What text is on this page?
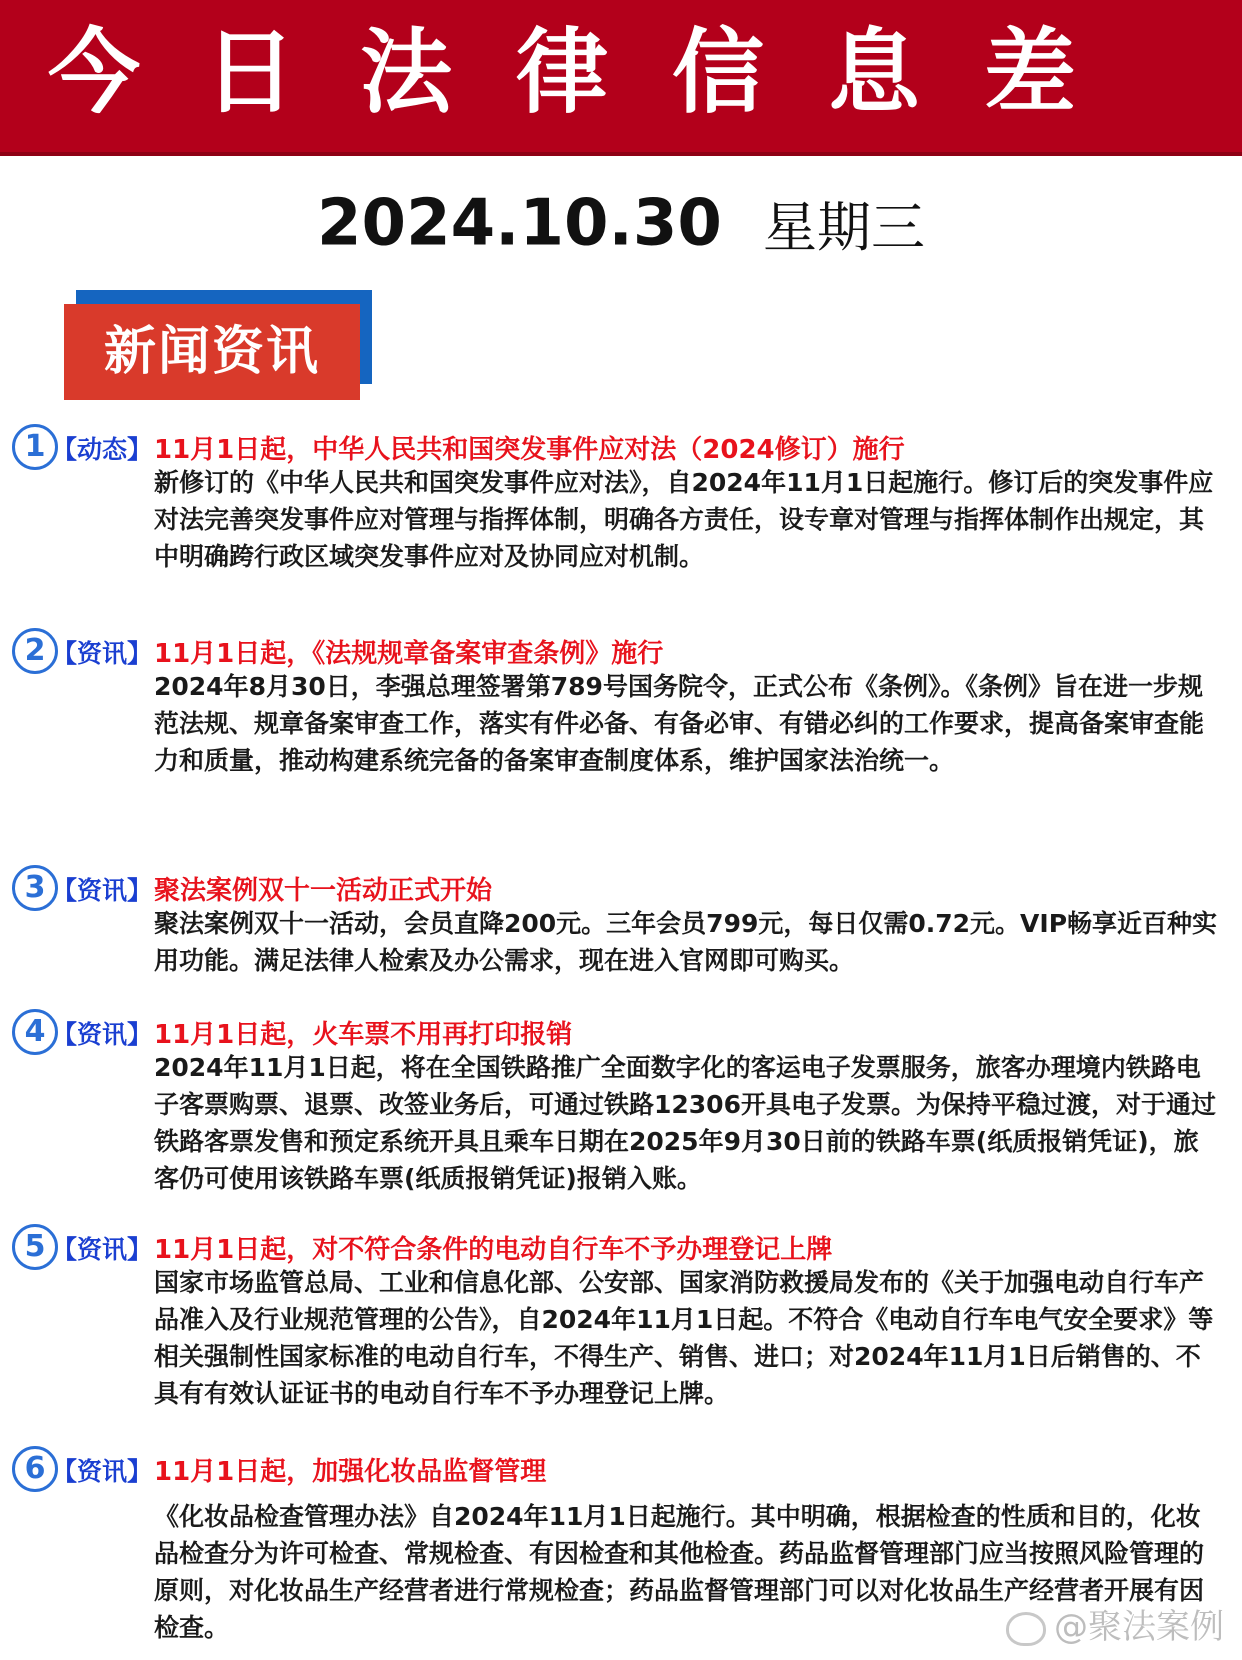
今日法律信息差
2024.10.30 星期三
新闻资讯
1 【动态】 11月1日起，中华人民共和国突发事件应对法（2024修订）施行
新修订的《中华人民共和国突发事件应对法》，自2024年11月1日起施行。修订后的突发事件应对法完善突发事件应对管理与指挥体制，明确各方责任，设专章对管理与指挥体制作出规定，其中明确跨行政区域突发事件应对及协同应对机制。
2 【资讯】 11月1日起，《法规规章备案审查条例》施行
2024年8月30日，李强总理签署第789号国务院令，正式公布《条例》。《条例》旨在进一步规范法规、规章备案审查工作，落实有件必备、有备必审、有错必纠的工作要求，提高备案审查能力和质量，推动构建系统完备的备案审查制度体系，维护国家法治统一。
3 【资讯】 聚法案例双十一活动正式开始
聚法案例双十一活动，会员直降200元。三年会员799元，每日仅需0.72元。VIP畅享近百种实用功能。满足法律人检索及办公需求，现在进入官网即可购买。
4 【资讯】 11月1日起，火车票不用再打印报销
2024年11月1日起，将在全国铁路推广全面数字化的客运电子发票服务，旅客办理境内铁路电子客票购票、退票、改签业务后，可通过铁路12306开具电子发票。为保持平稳过渡，对于通过铁路客票发售和预定系统开具且乘车日期在2025年9月30日前的铁路车票(纸质报销凭证)，旅客仍可使用该铁路车票(纸质报销凭证)报销入账。
5 【资讯】 11月1日起，对不符合条件的电动自行车不予办理登记上牌
国家市场监管总局、工业和信息化部、公安部、国家消防救援局发布的《关于加强电动自行车产品准入及行业规范管理的公告》，自2024年11月1日起。不符合《电动自行车电气安全要求》等相关强制性国家标准的电动自行车，不得生产、销售、进口；对2024年11月1日后销售的、不具有有效认证证书的电动自行车不予办理登记上牌。
6 【资讯】 11月1日起，加强化妆品监督管理
《化妆品检查管理办法》自2024年11月1日起施行。其中明确，根据检查的性质和目的，化妆品检查分为许可检查、常规检查、有因检查和其他检查。药品监督管理部门应当按照风险管理的原则，对化妆品生产经营者进行常规检查；药品监督管理部门可以对化妆品生产经营者开展有因检查。	@聚法案例
